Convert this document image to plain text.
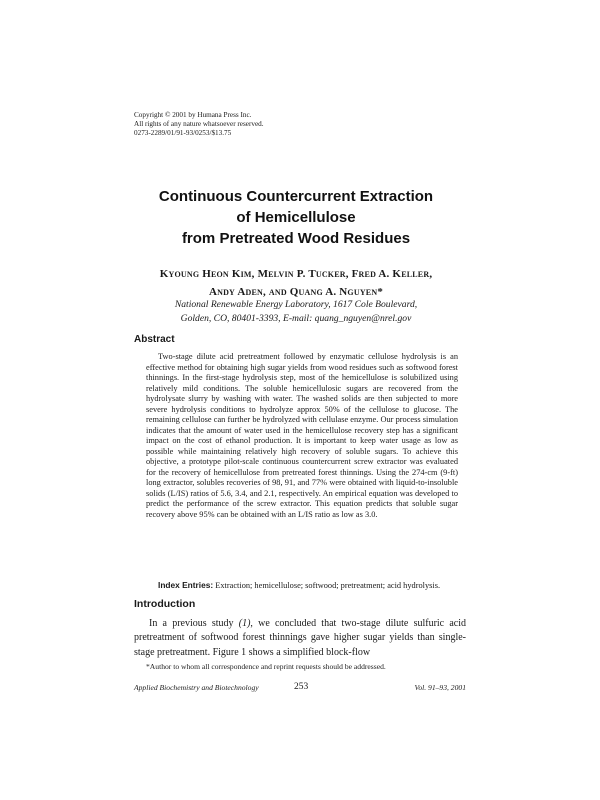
Copyright © 2001 by Humana Press Inc.
All rights of any nature whatsoever reserved.
0273-2289/01/91-93/0253/$13.75
Continuous Countercurrent Extraction
of Hemicellulose
from Pretreated Wood Residues
Kyoung Heon Kim, Melvin P. Tucker, Fred A. Keller,
Andy Aden, and Quang A. Nguyen*
National Renewable Energy Laboratory, 1617 Cole Boulevard,
Golden, CO, 80401-3393, E-mail: quang_nguyen@nrel.gov
Abstract

Two-stage dilute acid pretreatment followed by enzymatic cellulose hydrolysis is an effective method for obtaining high sugar yields from wood residues such as softwood forest thinnings. In the first-stage hydrolysis step, most of the hemicellulose is solubilized using relatively mild conditions. The soluble hemicellulosic sugars are recovered from the hydrolysate slurry by washing with water. The washed solids are then subjected to more severe hydrolysis conditions to hydrolyze approx 50% of the cellulose to glucose. The remaining cellulose can further be hydrolyzed with cellulase enzyme. Our process simulation indicates that the amount of water used in the hemicellulose recovery step has a significant impact on the cost of ethanol production. It is important to keep water usage as low as possible while maintaining relatively high recovery of soluble sugars. To achieve this objective, a prototype pilot-scale continuous countercurrent screw extractor was evaluated for the recovery of hemicellulose from pretreated forest thinnings. Using the 274-cm (9-ft) long extractor, solubles recoveries of 98, 91, and 77% were obtained with liquid-to-insoluble solids (L/IS) ratios of 5.6, 3.4, and 2.1, respectively. An empirical equation was developed to predict the performance of the screw extractor. This equation predicts that soluble sugar recovery above 95% can be obtained with an L/IS ratio as low as 3.0.

Index Entries: Extraction; hemicellulose; softwood; pretreatment; acid hydrolysis.

Introduction

In a previous study (1), we concluded that two-stage dilute sulfuric acid pretreatment of softwood forest thinnings gave higher sugar yields than single-stage pretreatment. Figure 1 shows a simplified block-flow

*Author to whom all correspondence and reprint requests should be addressed.
Applied Biochemistry and Biotechnology	253	Vol. 91–93, 2001
